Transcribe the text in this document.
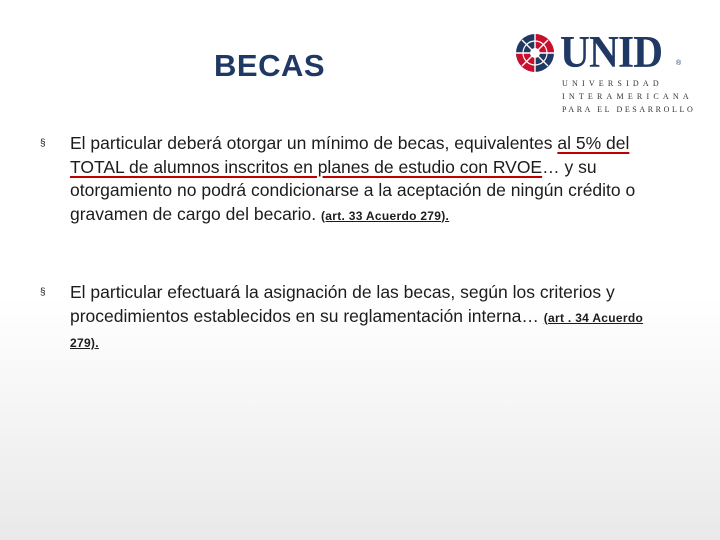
BECAS	UNID ®
UNIVERSIDAD
INTERAMERICANA
PARA EL DESARROLLO
§ El particular deberá otorgar un mínimo de becas, equivalentes al 5% del TOTAL de alumnos inscritos en planes de estudio con RVOE… y su otorgamiento no podrá condicionarse a la aceptación de ningún crédito o gravamen de cargo del becario. (art. 33 Acuerdo 279).
§ El particular efectuará la asignación de las becas, según los criterios y procedimientos establecidos en su reglamentación interna… (art . 34 Acuerdo 279).
